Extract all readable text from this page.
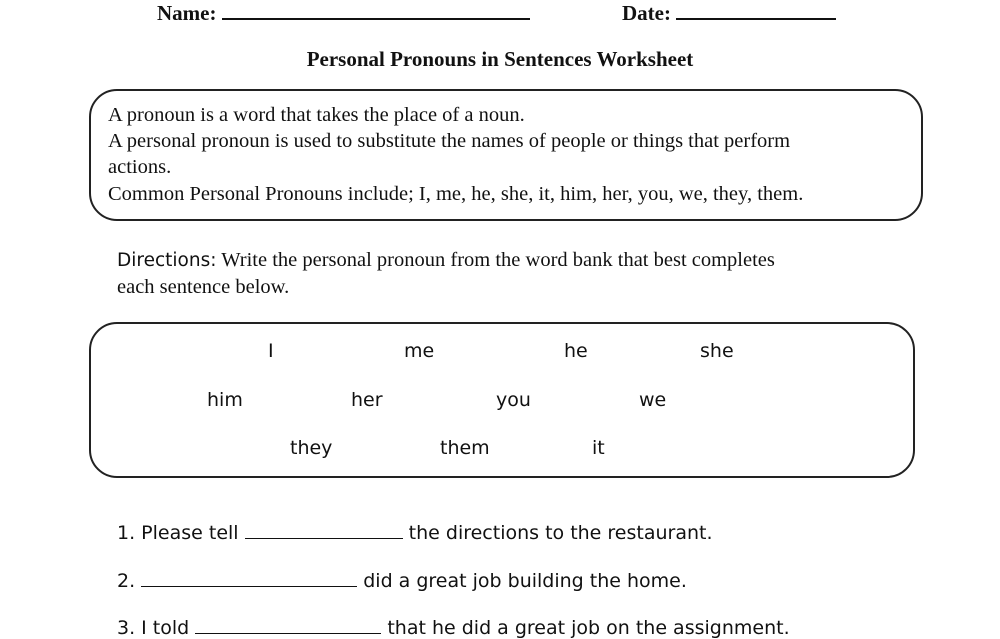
Name:	Date:
Personal Pronouns in Sentences Worksheet
A pronoun is a word that takes the place of a noun.
A personal pronoun is used to substitute the names of people or things that perform
actions.
Common Personal Pronouns include; I, me, he, she, it, him, her, you, we, they, them.
Directions: Write the personal pronoun from the word bank that best completes
each sentence below.
I	me	he	she
him	her	you	we
they	them	it
1. Please tell	the directions to the restaurant.
2.	did a great job building the home.
3. I told	that he did a great job on the assignment.
